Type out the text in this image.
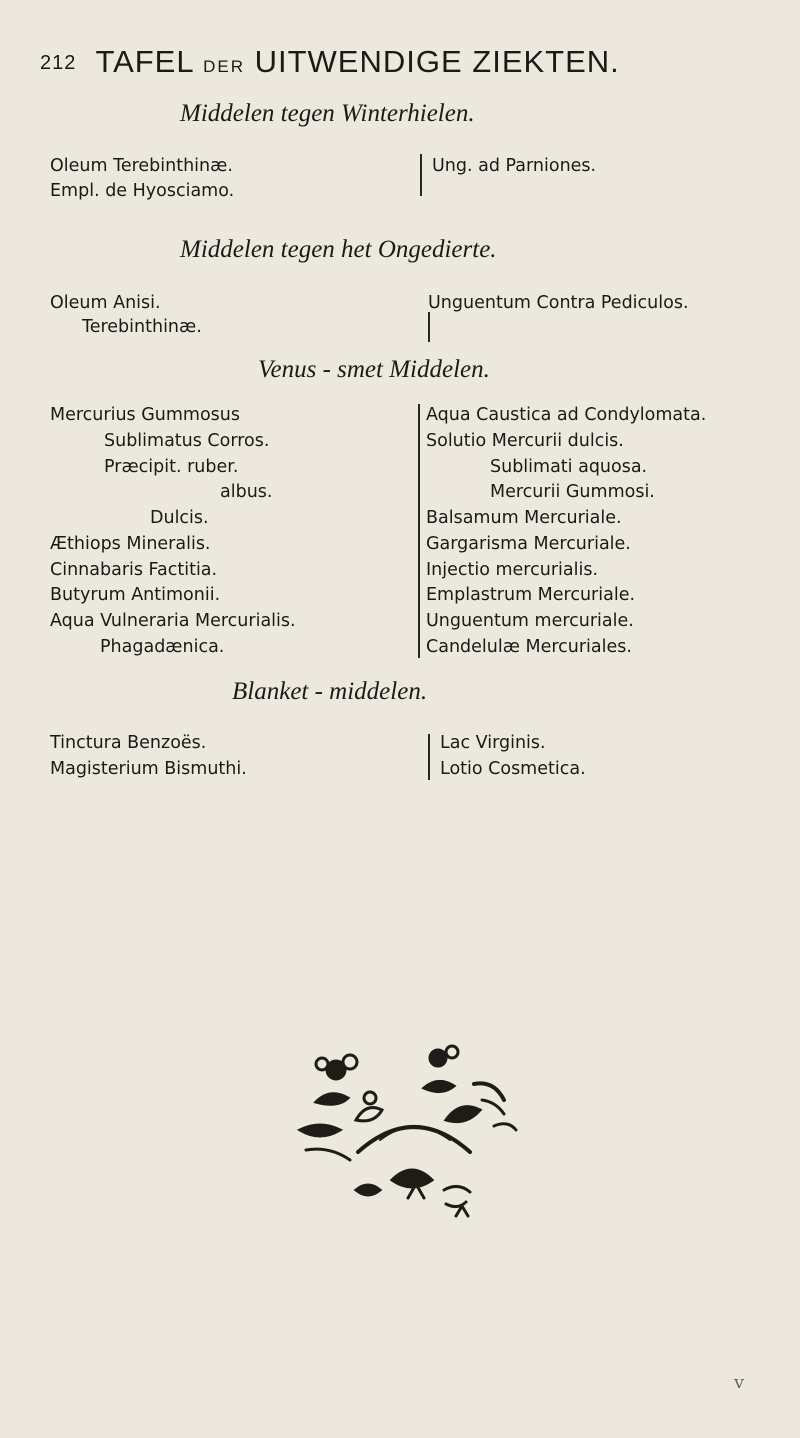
212 TAFEL DER UITWENDIGE ZIEKTEN.
Middelen tegen Winterhielen.
Oleum Terebinthinæ.
Empl. de Hyosciamo.
Ung. ad Parniones.
Middelen tegen het Ongedierte.
Oleum Anisi.
Terebinthinæ.
Unguentum Contra Pediculos.
Venus - smet Middelen.
Mercurius Gummosus
Sublimatus Corros.
Præcipit. ruber.
albus.
Dulcis.
Æthiops Mineralis.
Cinnabaris Factitia.
Butyrum Antimonii.
Aqua Vulneraria Mercurialis.
Phagadænica.
Aqua Caustica ad Condylomata.
Solutio Mercurii dulcis.
Sublimati aquosa.
Mercurii Gummosi.
Balsamum Mercuriale.
Gargarisma Mercuriale.
Injectio mercurialis.
Emplastrum Mercuriale.
Unguentum mercuriale.
Candelulæ Mercuriales.
Blanket - middelen.
Tinctura Benzoës.
Magisterium Bismuthi.
Lac Virginis.
Lotio Cosmetica.
v
